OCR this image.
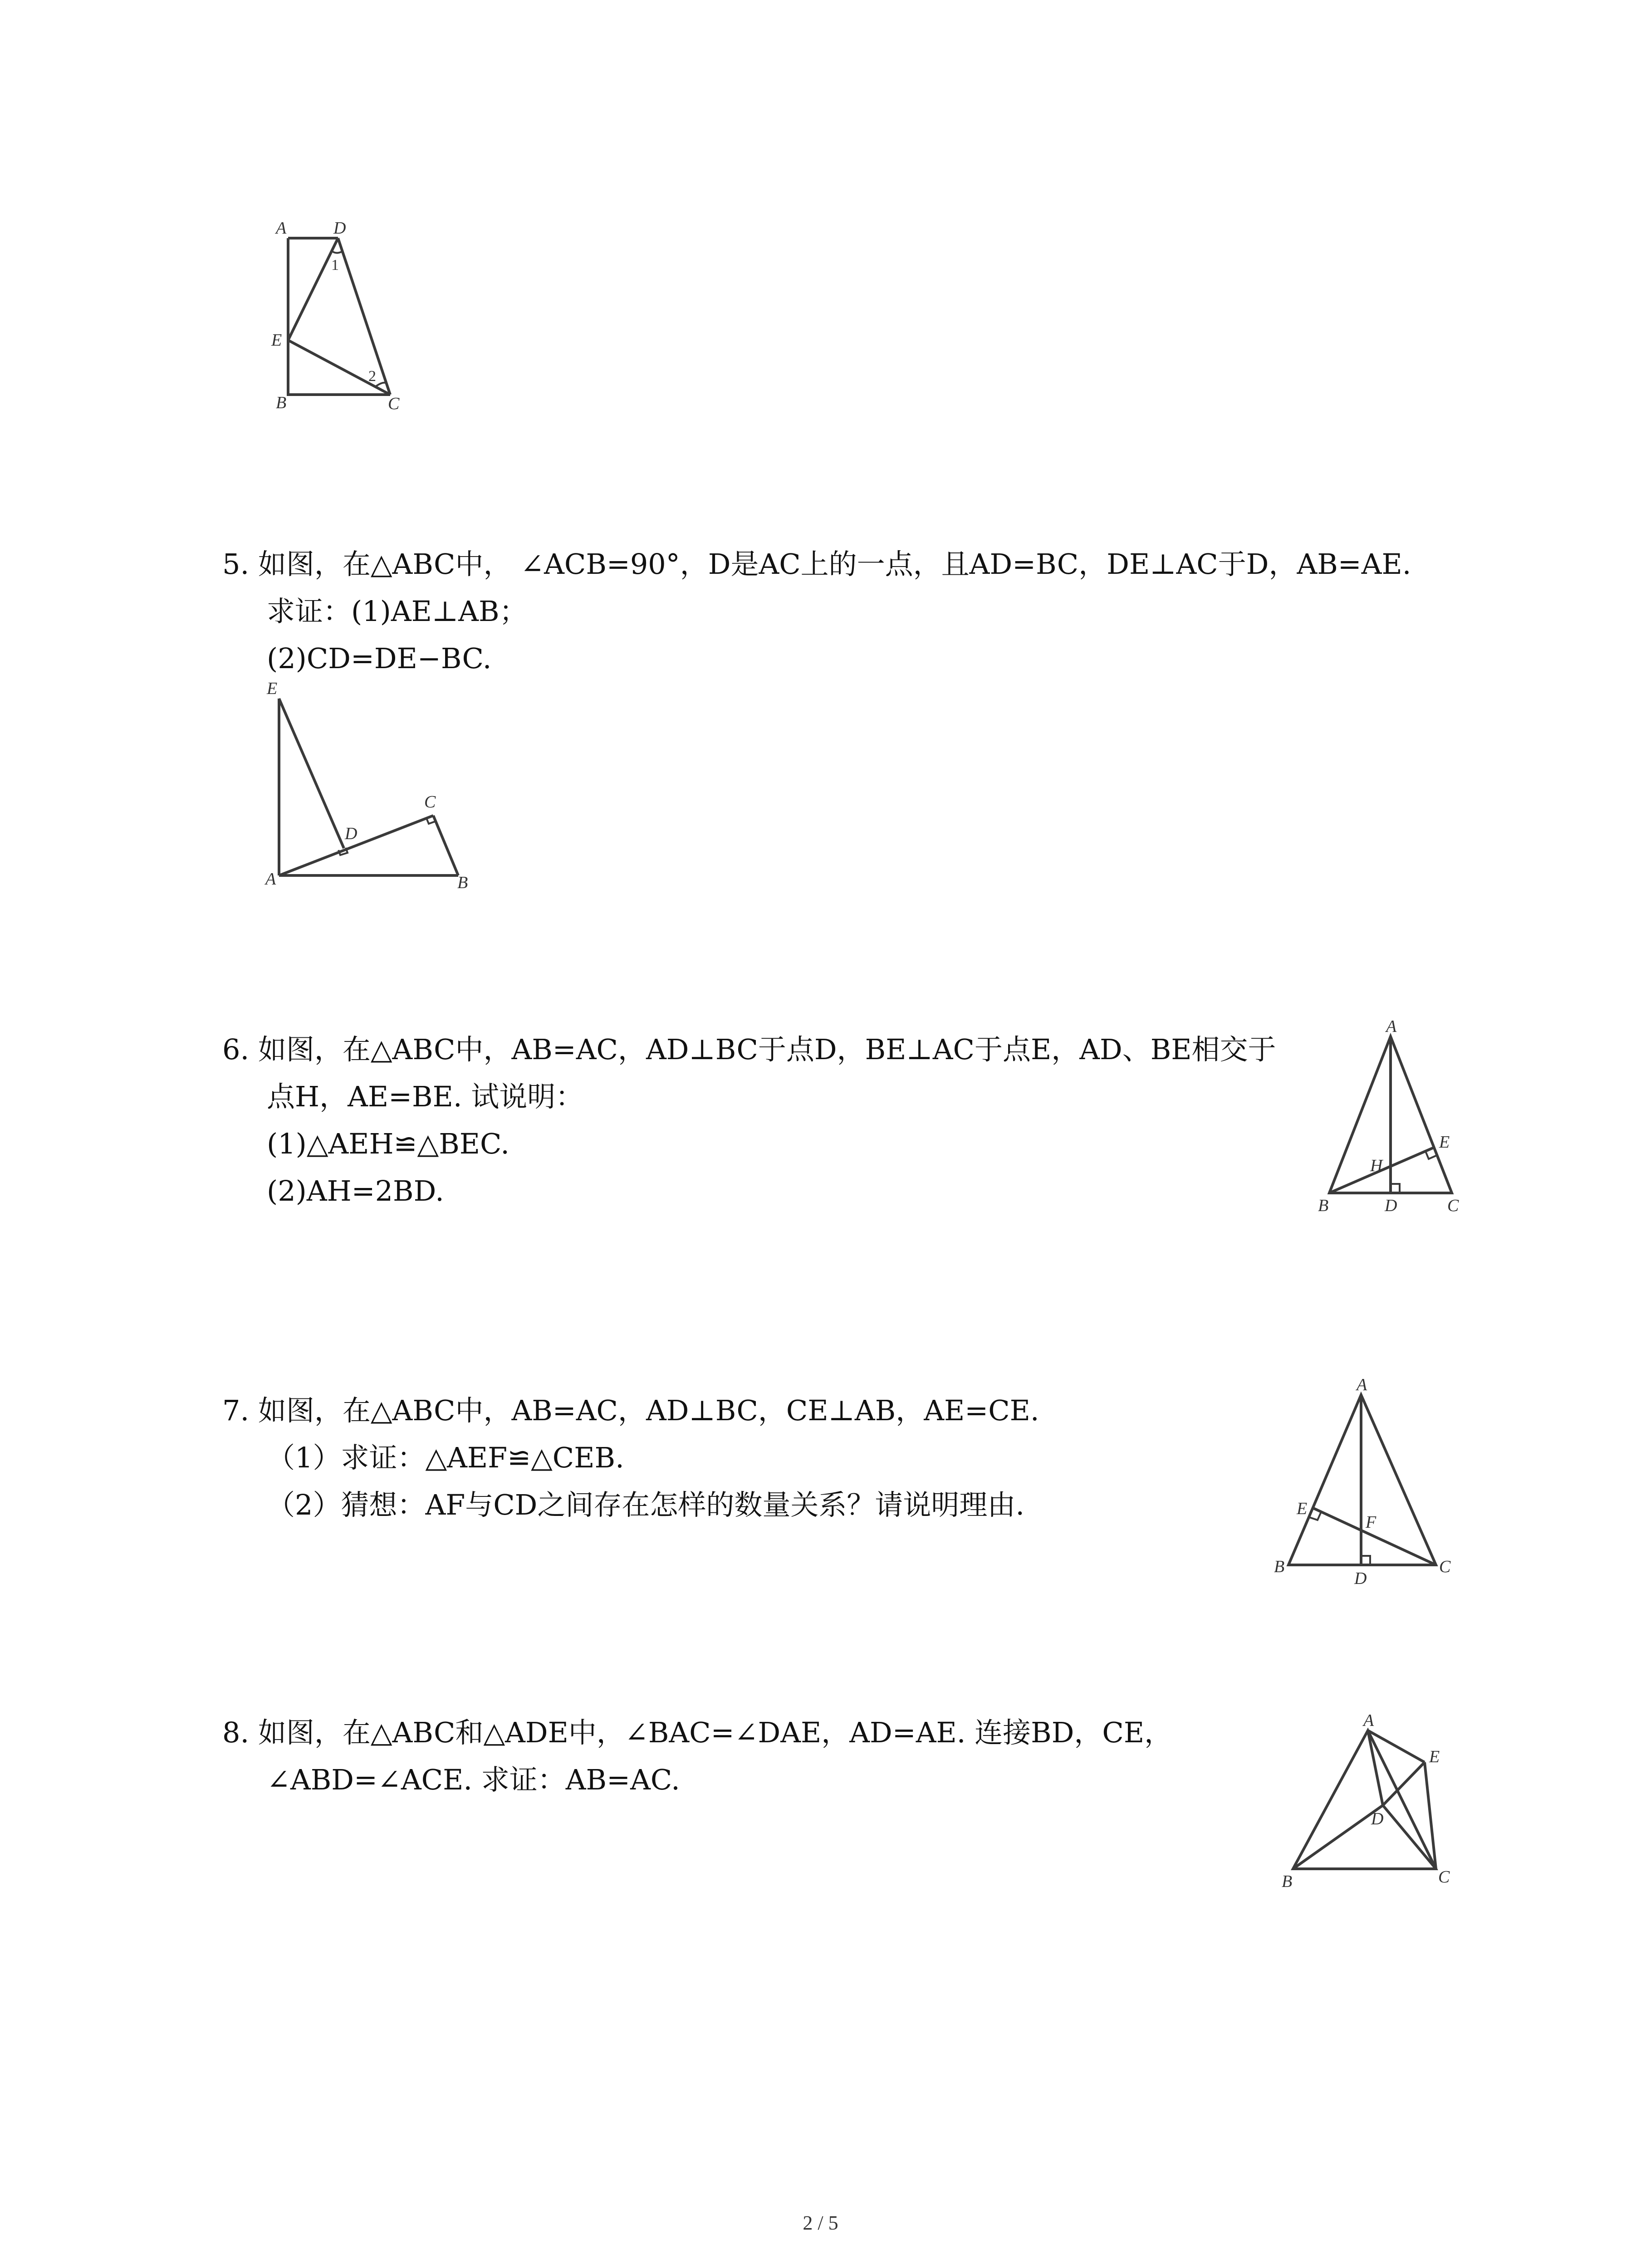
A	D
E
B	C
1
2
5. 如图，在△ABC中， ∠ACB=90°，D是AC上的一点，且AD=BC，DE⊥AC于D，AB=AE.
求证：(1)AE⊥AB；
(2)CD=DE−BC.
E
C
D
A	B
6. 如图，在△ABC中，AB=AC，AD⊥BC于点D，BE⊥AC于点E，AD、BE相交于
点H，AE=BE. 试说明：
(1)△AEH≌△BEC.
(2)AH=2BD.
A
H
E
B	D	C
7. 如图，在△ABC中，AB=AC，AD⊥BC，CE⊥AB，AE=CE.
（1）求证：△AEF≌△CEB.
（2）猜想：AF与CD之间存在怎样的数量关系？请说明理由.
A
E
F
B
D
C
8. 如图，在△ABC和△ADE中，∠BAC=∠DAE，AD=AE. 连接BD，CE，
∠ABD=∠ACE. 求证：AB=AC.
A
E
D
B	C
2 / 5
